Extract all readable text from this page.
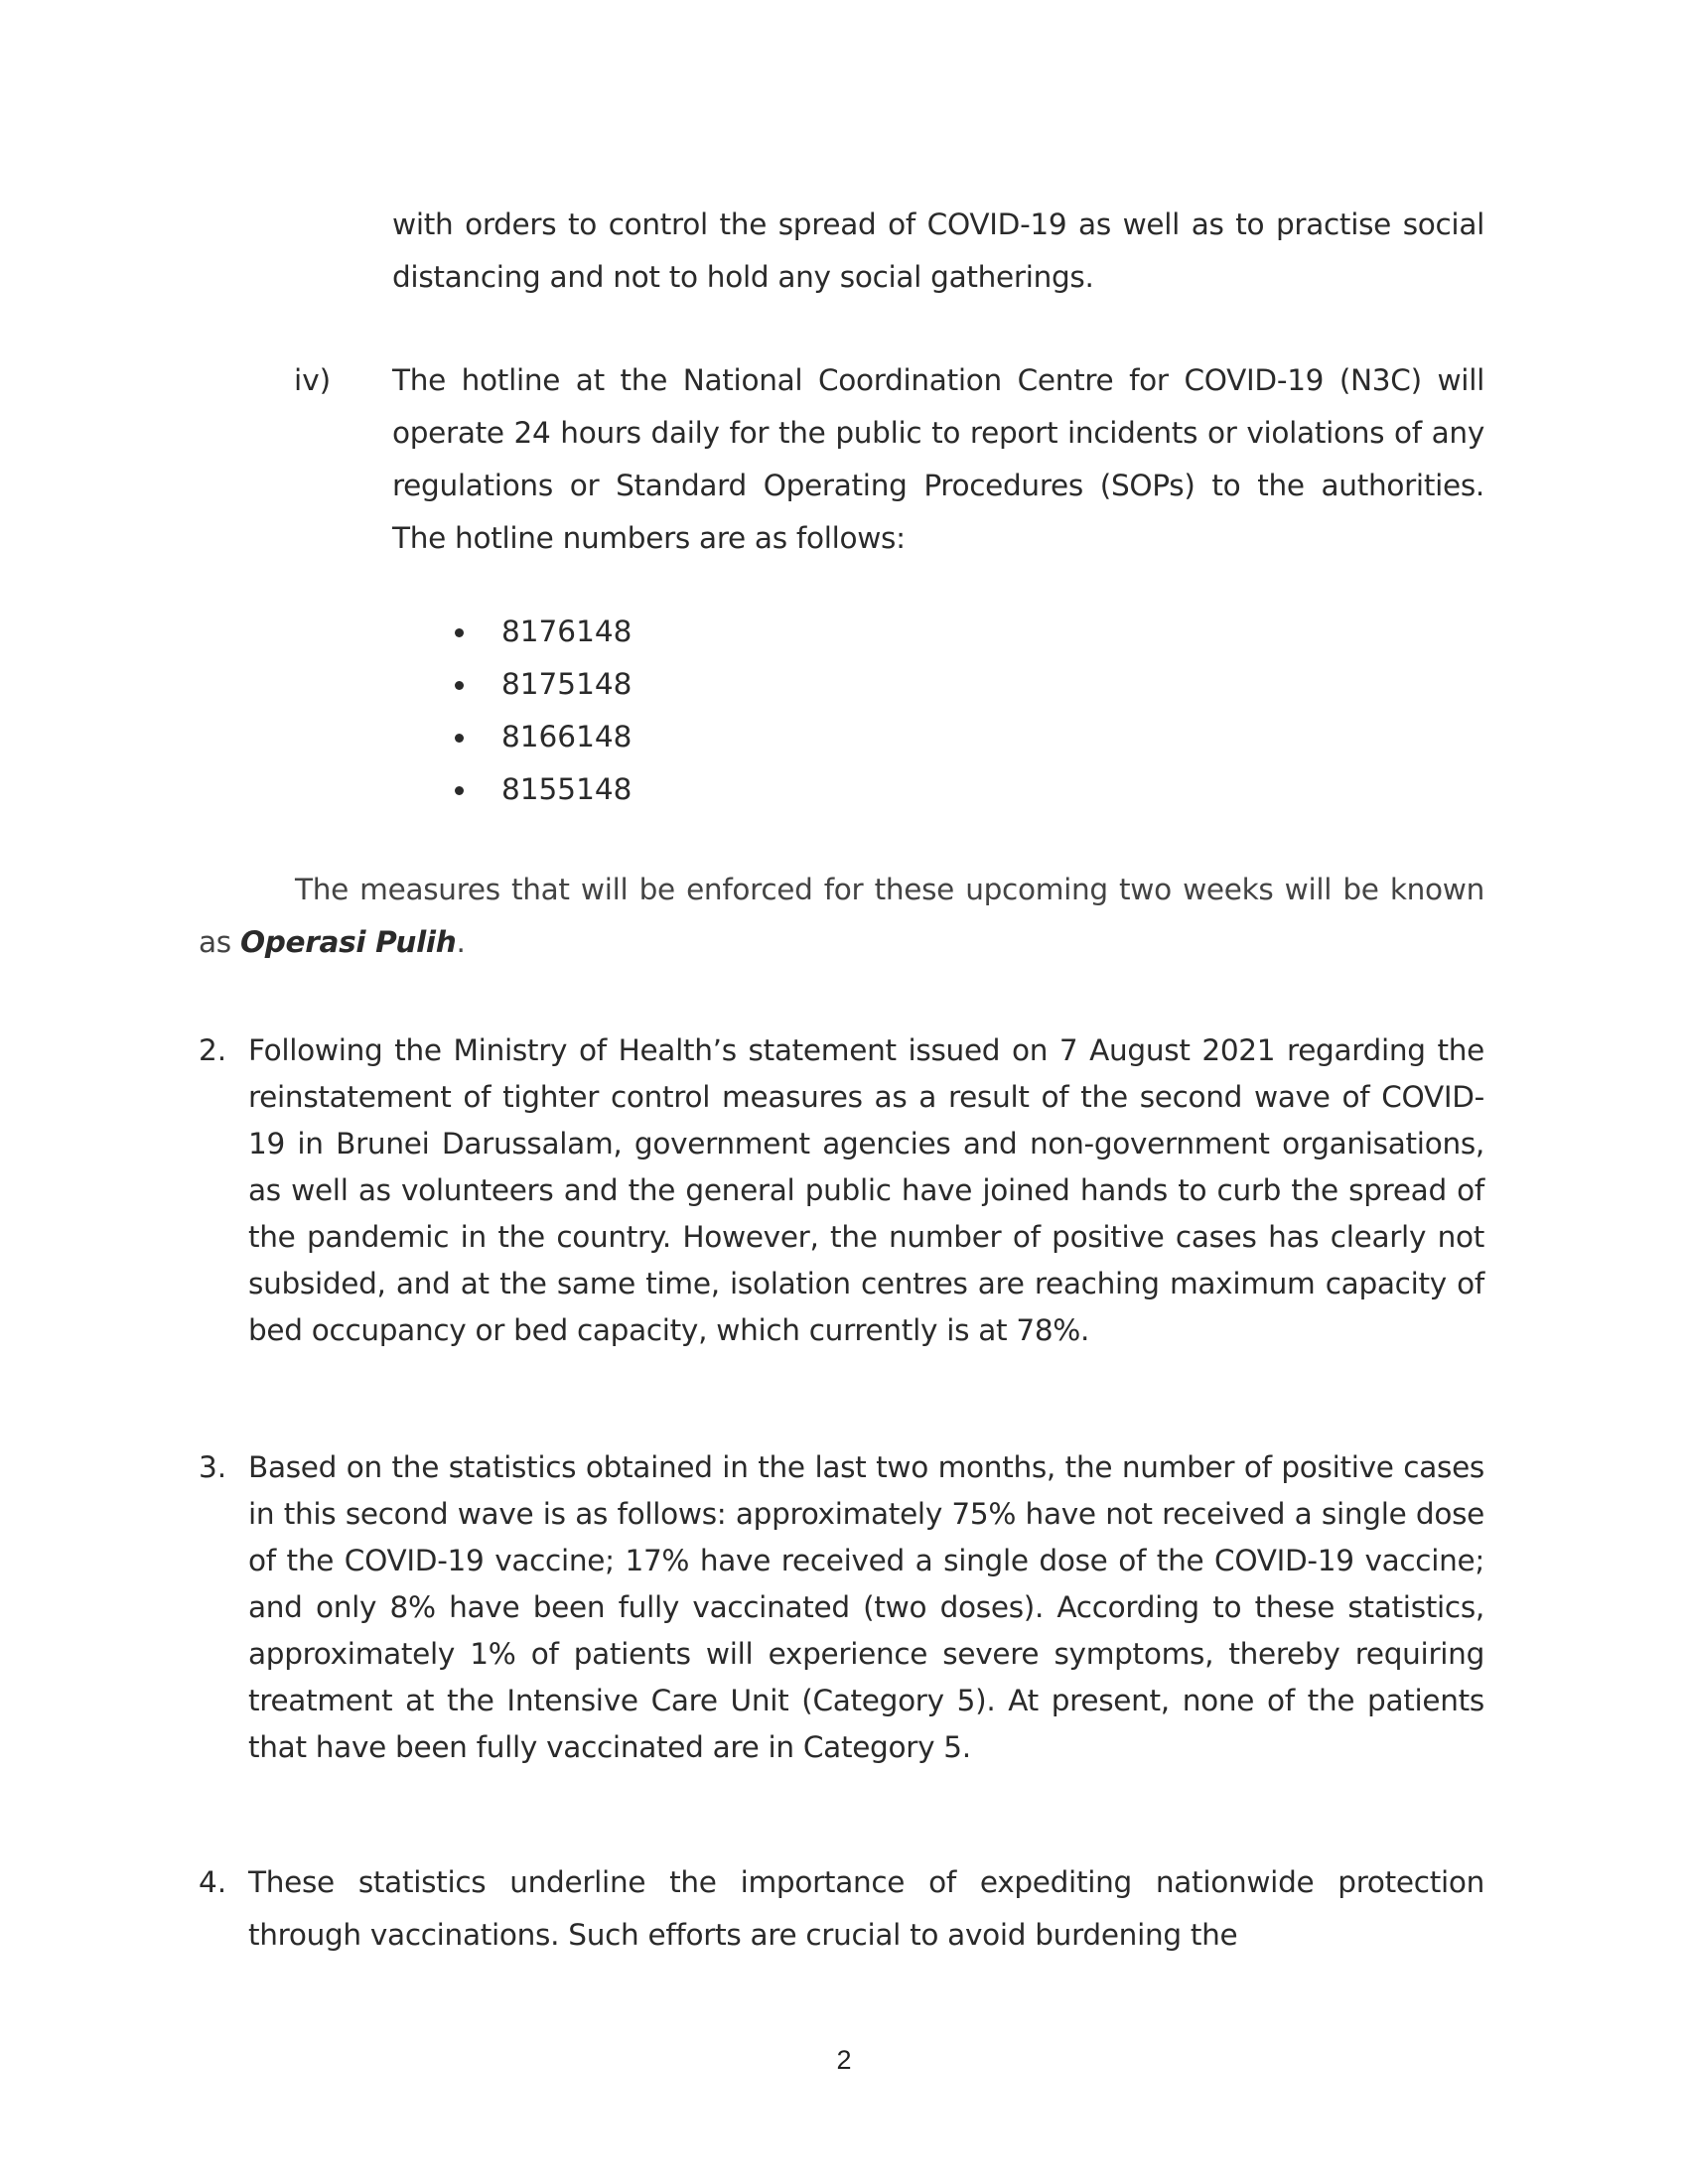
with orders to control the spread of COVID-19 as well as to practise social distancing and not to hold any social gatherings.
iv) The hotline at the National Coordination Centre for COVID-19 (N3C) will operate 24 hours daily for the public to report incidents or violations of any regulations or Standard Operating Procedures (SOPs) to the authorities. The hotline numbers are as follows:
8176148
8175148
8166148
8155148
The measures that will be enforced for these upcoming two weeks will be known as Operasi Pulih.
2. Following the Ministry of Health’s statement issued on 7 August 2021 regarding the reinstatement of tighter control measures as a result of the second wave of COVID-19 in Brunei Darussalam, government agencies and non-government organisations, as well as volunteers and the general public have joined hands to curb the spread of the pandemic in the country. However, the number of positive cases has clearly not subsided, and at the same time, isolation centres are reaching maximum capacity of bed occupancy or bed capacity, which currently is at 78%.
3. Based on the statistics obtained in the last two months, the number of positive cases in this second wave is as follows: approximately 75% have not received a single dose of the COVID-19 vaccine; 17% have received a single dose of the COVID-19 vaccine; and only 8% have been fully vaccinated (two doses). According to these statistics, approximately 1% of patients will experience severe symptoms, thereby requiring treatment at the Intensive Care Unit (Category 5). At present, none of the patients that have been fully vaccinated are in Category 5.
4. These statistics underline the importance of expediting nationwide protection through vaccinations. Such efforts are crucial to avoid burdening the
2
